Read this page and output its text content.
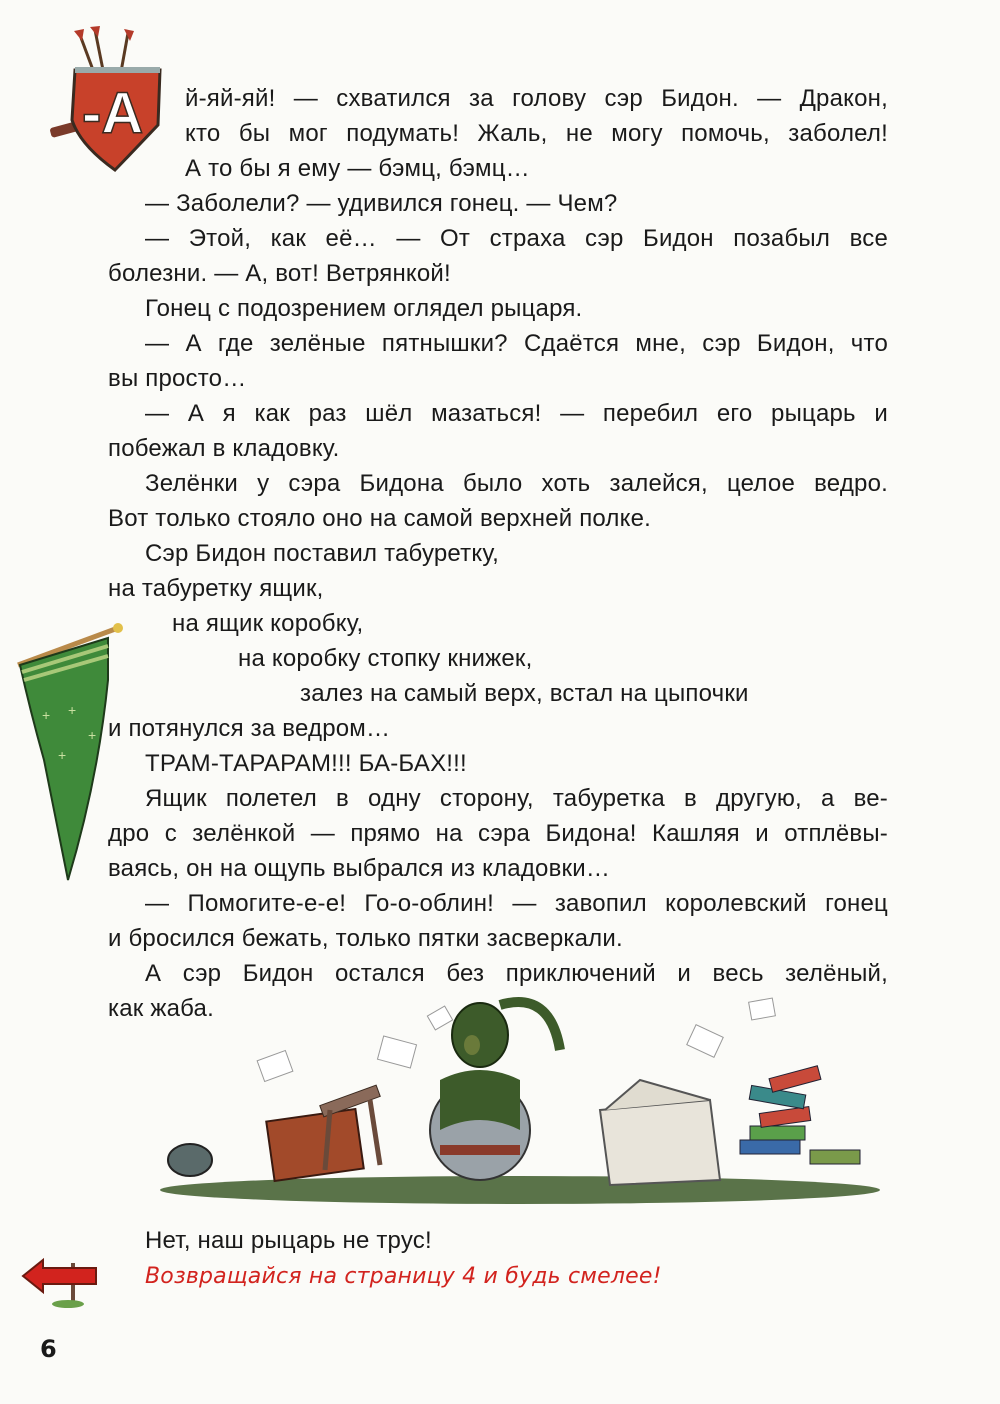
-А
+ +
+
+
й-яй-яй! — схватился за голову сэр Бидон. — Дракон,
кто бы мог подумать! Жаль, не могу помочь, заболел!
А то бы я ему — бэмц, бэмц…
— Заболели? — удивился гонец. — Чем?
— Этой, как её… — От страха сэр Бидон позабыл все
болезни. — А, вот! Ветрянкой!
Гонец с подозрением оглядел рыцаря.
— А где зелёные пятнышки? Сдаётся мне, сэр Бидон, что
вы просто…
— А я как раз шёл мазаться! — перебил его рыцарь и
побежал в кладовку.
Зелёнки у сэра Бидона было хоть залейся, целое ведро.
Вот только стояло оно на самой верхней полке.
Сэр Бидон поставил табуретку,
на табуретку ящик,
на ящик коробку,
на коробку стопку книжек,
залез на самый верх, встал на цыпочки
и потянулся за ведром…
ТРАМ-ТАРАРАМ!!! БА-БАХ!!!
Ящик полетел в одну сторону, табуретка в другую, а ве-
дро с зелёнкой — прямо на сэра Бидона! Кашляя и отплёвы-
ваясь, он на ощупь выбрался из кладовки…
— Помогите-е-е! Го-о-облин! — завопил королевский гонец
и бросился бежать, только пятки засверкали.
А сэр Бидон остался без приключений и весь зелёный,
как жаба.
Нет, наш рыцарь не трус!
Возвращайся на страницу 4 и будь смелее!
6
